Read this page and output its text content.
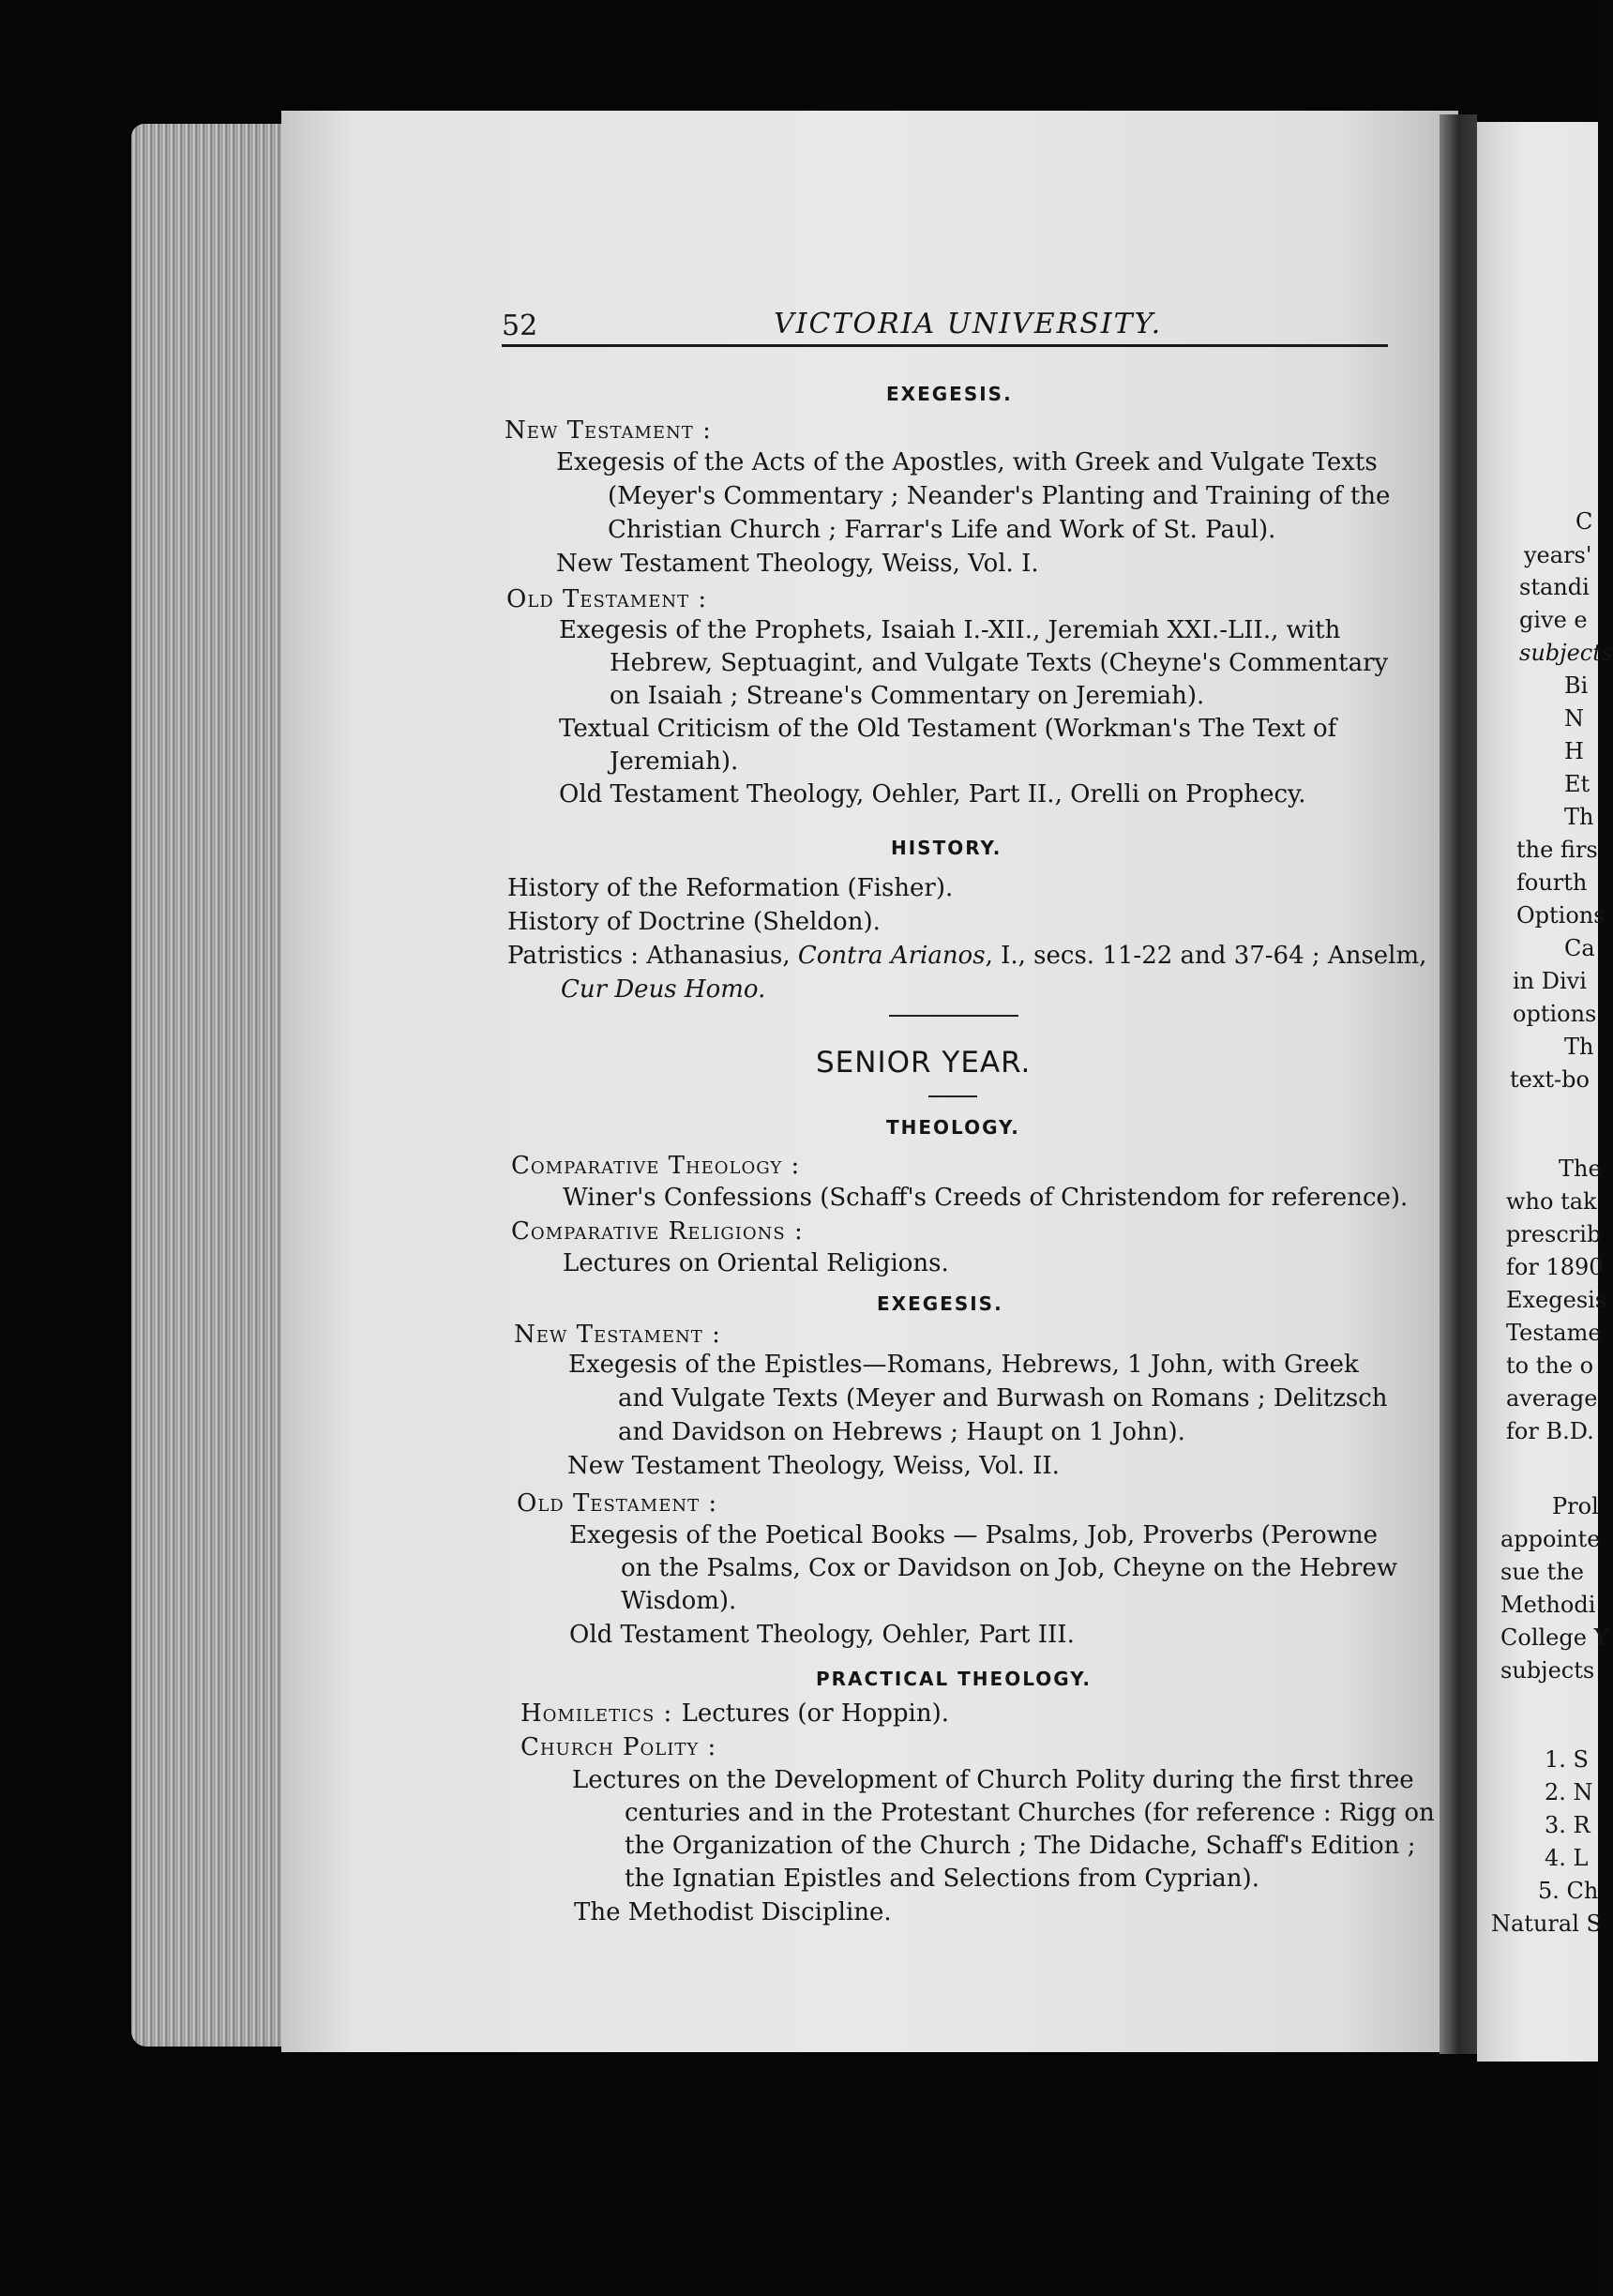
52	VICTORIA UNIVERSITY.
EXEGESIS.
New Testament :
Exegesis of the Acts of the Apostles, with Greek and Vulgate Texts
(Meyer's Commentary ; Neander's Planting and Training of the
Christian Church ; Farrar's Life and Work of St. Paul).
New Testament Theology, Weiss, Vol. I.
Old Testament :
Exegesis of the Prophets, Isaiah I.-XII., Jeremiah XXI.-LII., with
Hebrew, Septuagint, and Vulgate Texts (Cheyne's Commentary
on Isaiah ; Streane's Commentary on Jeremiah).
Textual Criticism of the Old Testament (Workman's The Text of
Jeremiah).
Old Testament Theology, Oehler, Part II., Orelli on Prophecy.
HISTORY.
History of the Reformation (Fisher).
History of Doctrine (Sheldon).
Patristics : Athanasius, Contra Arianos, I., secs. 11-22 and 37-64 ; Anselm,
Cur Deus Homo.
SENIOR YEAR.
THEOLOGY.
Comparative Theology :
Winer's Confessions (Schaff's Creeds of Christendom for reference).
Comparative Religions :
Lectures on Oriental Religions.
EXEGESIS.
New Testament :
Exegesis of the Epistles—Romans, Hebrews, 1 John, with Greek
and Vulgate Texts (Meyer and Burwash on Romans ; Delitzsch
and Davidson on Hebrews ; Haupt on 1 John).
New Testament Theology, Weiss, Vol. II.
Old Testament :
Exegesis of the Poetical Books — Psalms, Job, Proverbs (Perowne
on the Psalms, Cox or Davidson on Job, Cheyne on the Hebrew
Wisdom).
Old Testament Theology, Oehler, Part III.
PRACTICAL THEOLOGY.
Homiletics : Lectures (or Hoppin).
Church Polity :
Lectures on the Development of Church Polity during the first three
centuries and in the Protestant Churches (for reference : Rigg on
the Organization of the Church ; The Didache, Schaff's Edition ;
the Ignatian Epistles and Selections from Cyprian).
The Methodist Discipline.
C
years'
standi
give e
subjects
Bi
N
H
Et
Th
the firs
fourth
Options
Ca
in Divi
options
Th
text-bo
The
who tak
prescrib
for 1890
Exegesis
Testame
to the o
average
for B.D.
Prol
appointe
sue the
Methodi
College Y
subjects
1. S
2. N
3. R
4. L
5. Ch
Natural S
